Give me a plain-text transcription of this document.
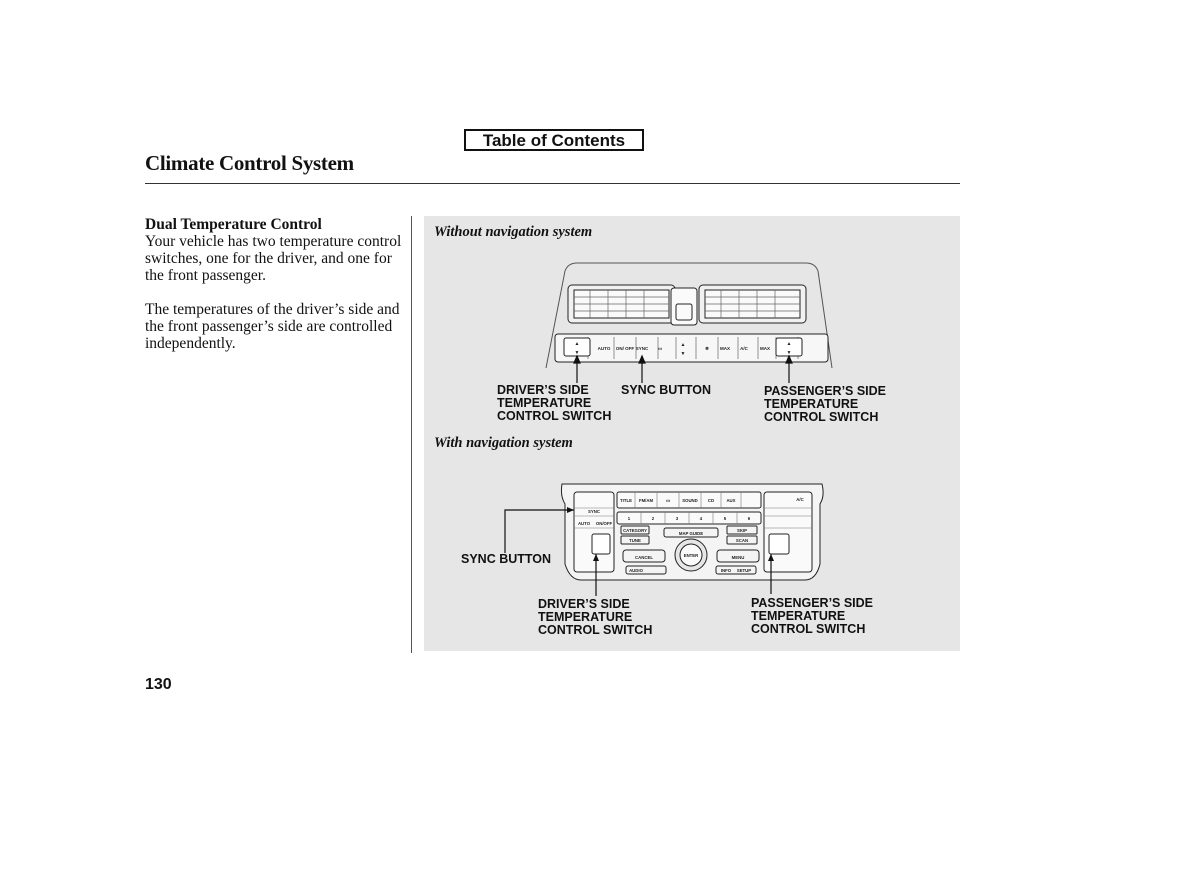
Table of Contents
Climate Control System
Dual Temperature Control

Your vehicle has two temperature control switches, one for the driver, and one for the front passenger.

The temperatures of the driver’s side and the front passenger’s side are controlled independently.

Without navigation system

▲
▼
▲
▼
▲
▼
AUTO ON/ OFF SYNC ▭	❄ MAX A/C	MAX
TITLE FM/AM	▭	SOUND CD	AUX
1	2	3	4	5	6
SYNC
AUTO ON/OFF
A/C
CATEGORY
TUNE
SKIP
SCAN
MAP GUIDE
ENTER
CANCEL	MENU
AUDIO	INFO SETUP
DRIVER’S SIDE
TEMPERATURE
CONTROL SWITCH
SYNC BUTTON	PASSENGER’S SIDE
TEMPERATURE
CONTROL SWITCH

With navigation system

SYNC BUTTON
DRIVER’S SIDE
TEMPERATURE
CONTROL SWITCH
PASSENGER’S SIDE
TEMPERATURE
CONTROL SWITCH
130
